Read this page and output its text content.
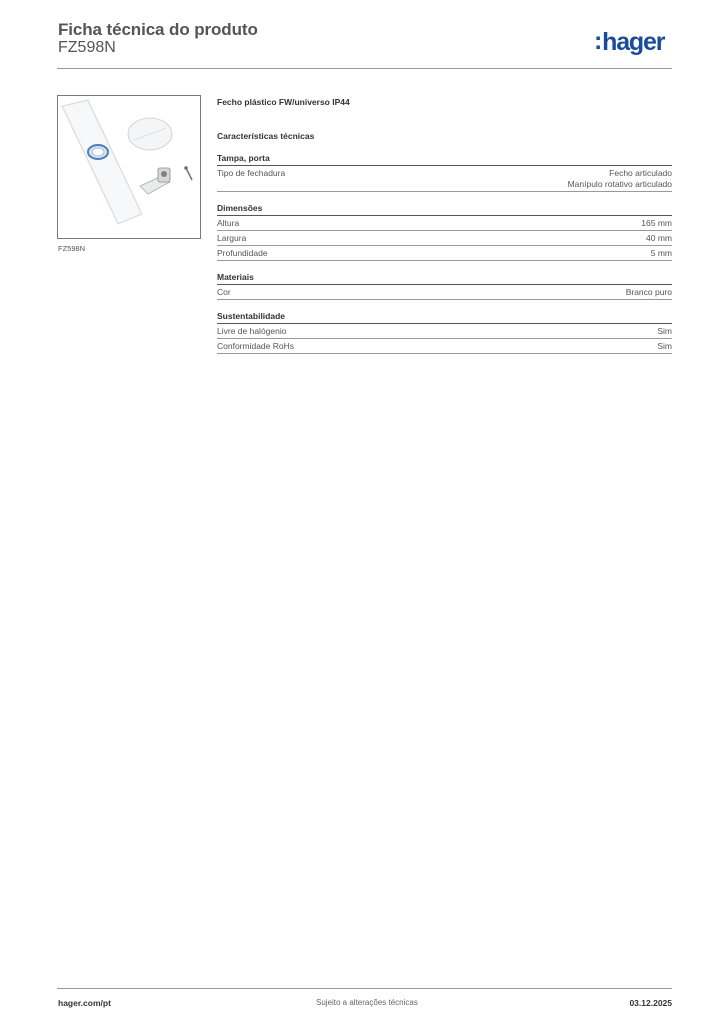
Ficha técnica do produto
FZ598N	:hager
FZ598N
Fecho plástico FW/universo IP44
Características técnicas
Tampa, porta
Tipo de fechadura	Fecho articulado
Manípulo rotativo articulado
Dimensões
Altura	165 mm
Largura	40 mm
Profundidade	5 mm
Materiais
Cor	Branco puro
Sustentabilidade
Livre de halógenio	Sim
Conformidade RoHs	Sim
hager.com/pt	Sujeito a alterações técnicas	03.12.2025
